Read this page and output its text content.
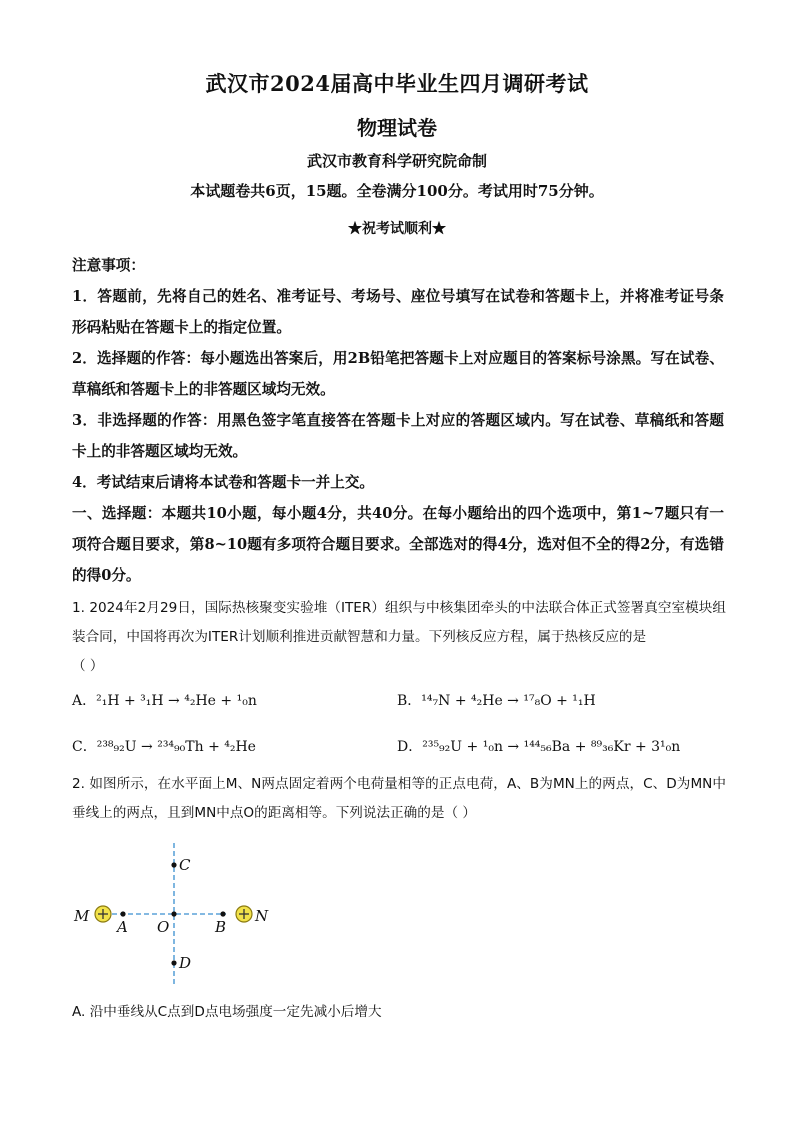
武汉市2024届高中毕业生四月调研考试
物理试卷
武汉市教育科学研究院命制
本试题卷共6页，15题。全卷满分100分。考试用时75分钟。
★祝考试顺利★
注意事项：
1．答题前，先将自己的姓名、准考证号、考场号、座位号填写在试卷和答题卡上，并将准考证号条形码粘贴在答题卡上的指定位置。
2．选择题的作答：每小题选出答案后，用2B铅笔把答题卡上对应题目的答案标号涂黑。写在试卷、草稿纸和答题卡上的非答题区域均无效。
3．非选择题的作答：用黑色签字笔直接答在答题卡上对应的答题区域内。写在试卷、草稿纸和答题卡上的非答题区域均无效。
4．考试结束后请将本试卷和答题卡一并上交。
一、选择题：本题共10小题，每小题4分，共40分。在每小题给出的四个选项中，第1~7题只有一项符合题目要求，第8~10题有多项符合题目要求。全部选对的得4分，选对但不全的得2分，有选错的得0分。
1. 2024年2月29日，国际热核聚变实验堆（ITER）组织与中核集团牵头的中法联合体正式签署真空室模块组装合同，中国将再次为ITER计划顺利推进贡献智慧和力量。下列核反应方程，属于热核反应的是
（ ）
A．²₁H + ³₁H → ⁴₂He + ¹₀n	B．¹⁴₇N + ⁴₂He → ¹⁷₈O + ¹₁H
C．²³⁸₉₂U → ²³⁴₉₀Th + ⁴₂He	D．²³⁵₉₂U + ¹₀n → ¹⁴⁴₅₆Ba + ⁸⁹₃₆Kr + 3¹₀n
2. 如图所示，在水平面上M、N两点固定着两个电荷量相等的正点电荷，A、B为MN上的两点，C、D为MN中垂线上的两点，且到MN中点O的距离相等。下列说法正确的是（ ）
M	N
A O	B
C
D
A. 沿中垂线从C点到D点电场强度一定先减小后增大
